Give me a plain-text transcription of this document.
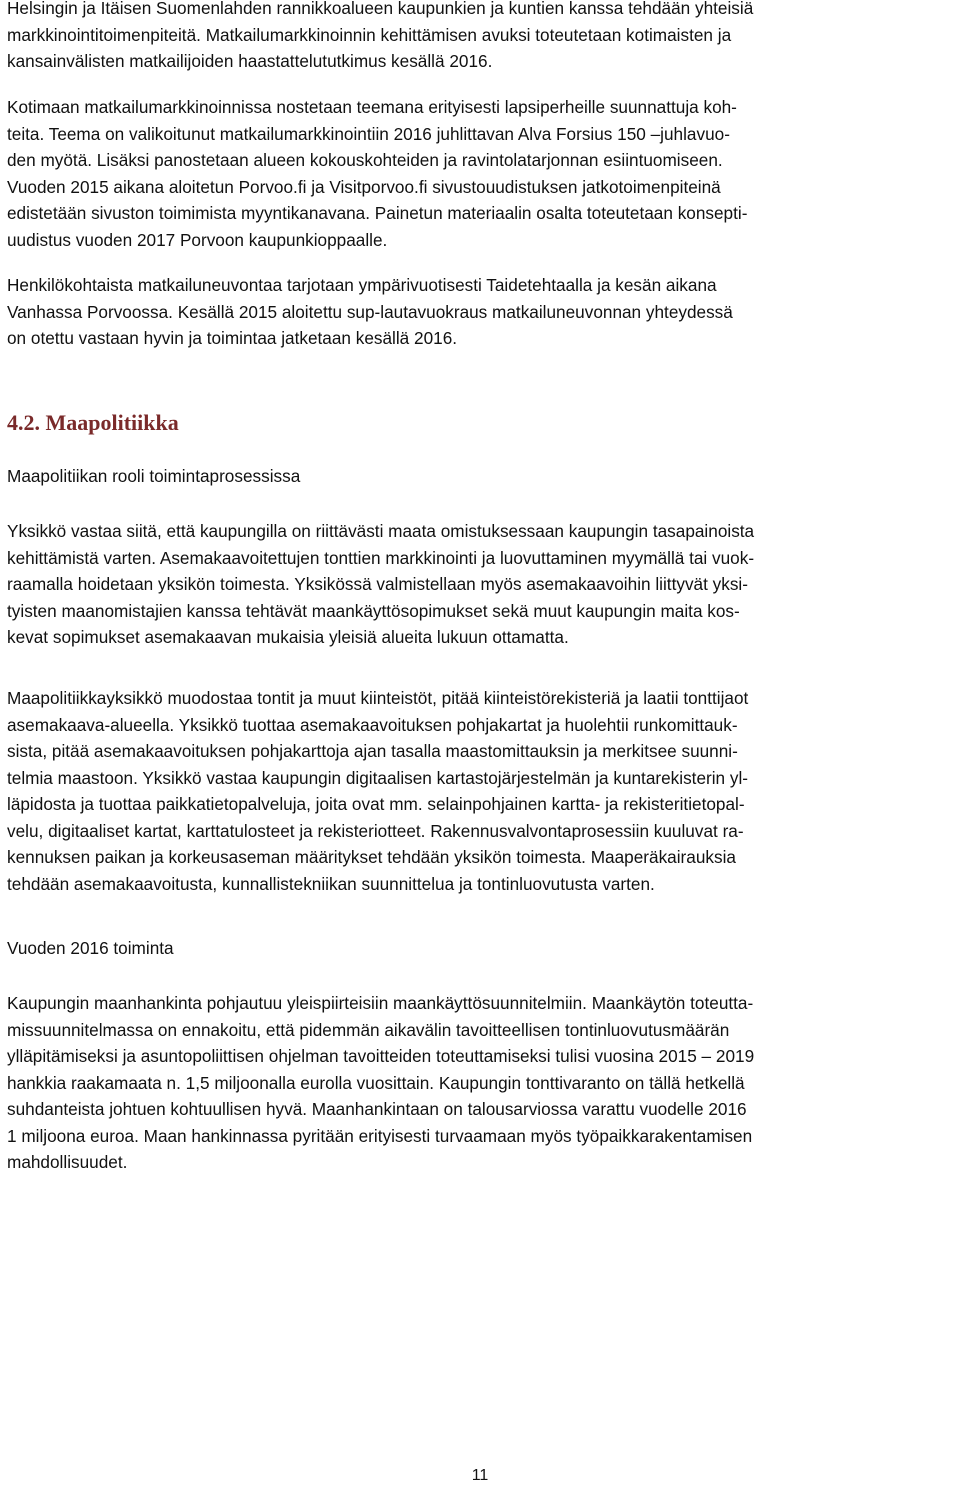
Helsingin ja Itäisen Suomenlahden rannikkoalueen kaupunkien ja kuntien kanssa tehdään yhteisiä
markkinointitoimenpiteitä. Matkailumarkkinoinnin kehittämisen avuksi toteutetaan kotimaisten ja
kansainvälisten matkailijoiden haastattelututkimus kesällä 2016.

Kotimaan matkailumarkkinoinnissa nostetaan teemana erityisesti lapsiperheille suunnattuja koh-
teita. Teema on valikoitunut matkailumarkkinointiin 2016 juhlittavan Alva Forsius 150 –juhlavuo-
den myötä. Lisäksi panostetaan alueen kokouskohteiden ja ravintolatarjonnan esiintuomiseen.
Vuoden 2015 aikana aloitetun Porvoo.fi ja Visitporvoo.fi sivustouudistuksen jatkotoimenpiteinä
edistetään sivuston toimimista myyntikanavana. Painetun materiaalin osalta toteutetaan konsepti-
uudistus vuoden 2017 Porvoon kaupunkioppaalle.

Henkilökohtaista matkailuneuvontaa tarjotaan ympärivuotisesti Taidetehtaalla ja kesän aikana
Vanhassa Porvoossa. Kesällä 2015 aloitettu sup-lautavuokraus matkailuneuvonnan yhteydessä
on otettu vastaan hyvin ja toimintaa jatketaan kesällä 2016.

4.2. Maapolitiikka

Maapolitiikan rooli toimintaprosessissa

Yksikkö vastaa siitä, että kaupungilla on riittävästi maata omistuksessaan kaupungin tasapainoista
kehittämistä varten. Asemakaavoitettujen tonttien markkinointi ja luovuttaminen myymällä tai vuok-
raamalla hoidetaan yksikön toimesta. Yksikössä valmistellaan myös asemakaavoihin liittyvät yksi-
tyisten maanomistajien kanssa tehtävät maankäyttösopimukset sekä muut kaupungin maita kos-
kevat sopimukset asemakaavan mukaisia yleisiä alueita lukuun ottamatta.

Maapolitiikkayksikkö muodostaa tontit ja muut kiinteistöt, pitää kiinteistörekisteriä ja laatii tonttijaot
asemakaava-alueella. Yksikkö tuottaa asemakaavoituksen pohjakartat ja huolehtii runkomittauk-
sista, pitää asemakaavoituksen pohjakarttoja ajan tasalla maastomittauksin ja merkitsee suunni-
telmia maastoon. Yksikkö vastaa kaupungin digitaalisen kartastojärjestelmän ja kuntarekisterin yl-
läpidosta ja tuottaa paikkatietopalveluja, joita ovat mm. selainpohjainen kartta- ja rekisteritietopal-
velu, digitaaliset kartat, karttatulosteet ja rekisteriotteet. Rakennusvalvontaprosessiin kuuluvat ra-
kennuksen paikan ja korkeusaseman määritykset tehdään yksikön toimesta. Maaperäkairauksia
tehdään asemakaavoitusta, kunnallistekniikan suunnittelua ja tontinluovutusta varten.

Vuoden 2016 toiminta

Kaupungin maanhankinta pohjautuu yleispiirteisiin maankäyttösuunnitelmiin. Maankäytön toteutta-
missuunnitelmassa on ennakoitu, että pidemmän aikavälin tavoitteellisen tontinluovutusmäärän
ylläpitämiseksi ja asuntopoliittisen ohjelman tavoitteiden toteuttamiseksi tulisi vuosina 2015 – 2019
hankkia raakamaata n. 1,5 miljoonalla eurolla vuosittain. Kaupungin tonttivaranto on tällä hetkellä
suhdanteista johtuen kohtuullisen hyvä. Maanhankintaan on talousarviossa varattu vuodelle 2016
1 miljoona euroa. Maan hankinnassa pyritään erityisesti turvaamaan myös työpaikkarakentamisen
mahdollisuudet.

11
